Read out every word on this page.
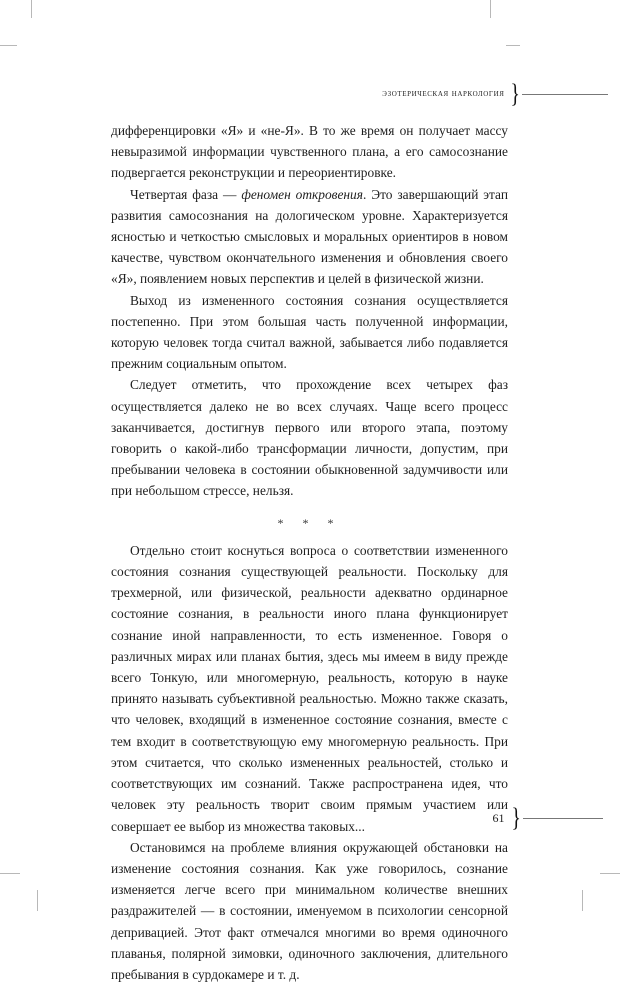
эзотерическая наркология }

дифференцировки «Я» и «не-Я». В то же время он получает массу невыразимой информации чувственного плана, а его самосознание подвергается реконструкции и переориентировке.

Четвертая фаза — феномен откровения. Это завершающий этап развития самосознания на дологическом уровне. Характеризуется ясностью и четкостью смысловых и моральных ориентиров в новом качестве, чувством окончательного изменения и обновления своего «Я», появлением новых перспектив и целей в физической жизни.

Выход из измененного состояния сознания осуществляется постепенно. При этом большая часть полученной информации, которую человек тогда считал важной, забывается либо подавляется прежним социальным опытом.

Следует отметить, что прохождение всех четырех фаз осуществляется далеко не во всех случаях. Чаще всего процесс заканчивается, достигнув первого или второго этапа, поэтому говорить о какой-либо трансформации личности, допустим, при пребывании человека в состоянии обыкновенной задумчивости или при небольшом стрессе, нельзя.

* * *

Отдельно стоит коснуться вопроса о соответствии измененного состояния сознания существующей реальности. Поскольку для трехмерной, или физической, реальности адекватно ординарное состояние сознания, в реальности иного плана функционирует сознание иной направленности, то есть измененное. Говоря о различных мирах или планах бытия, здесь мы имеем в виду прежде всего Тонкую, или многомерную, реальность, которую в науке принято называть субъективной реальностью. Можно также сказать, что человек, входящий в измененное состояние сознания, вместе с тем входит в соответствующую ему многомерную реальность. При этом считается, что сколько измененных реальностей, столько и соответствующих им сознаний. Также распространена идея, что человек эту реальность творит своим прямым участием или совершает ее выбор из множества таковых...

Остановимся на проблеме влияния окружающей обстановки на изменение состояния сознания. Как уже говорилось, сознание изменяется легче всего при минимальном количестве внешних раздражителей — в состоянии, именуемом в психологии сенсорной депривацией. Этот факт отмечался многими во время одиночного плаванья, полярной зимовки, одиночного заключения, длительного пребывания в сурдокамере и т. д.

61 }
